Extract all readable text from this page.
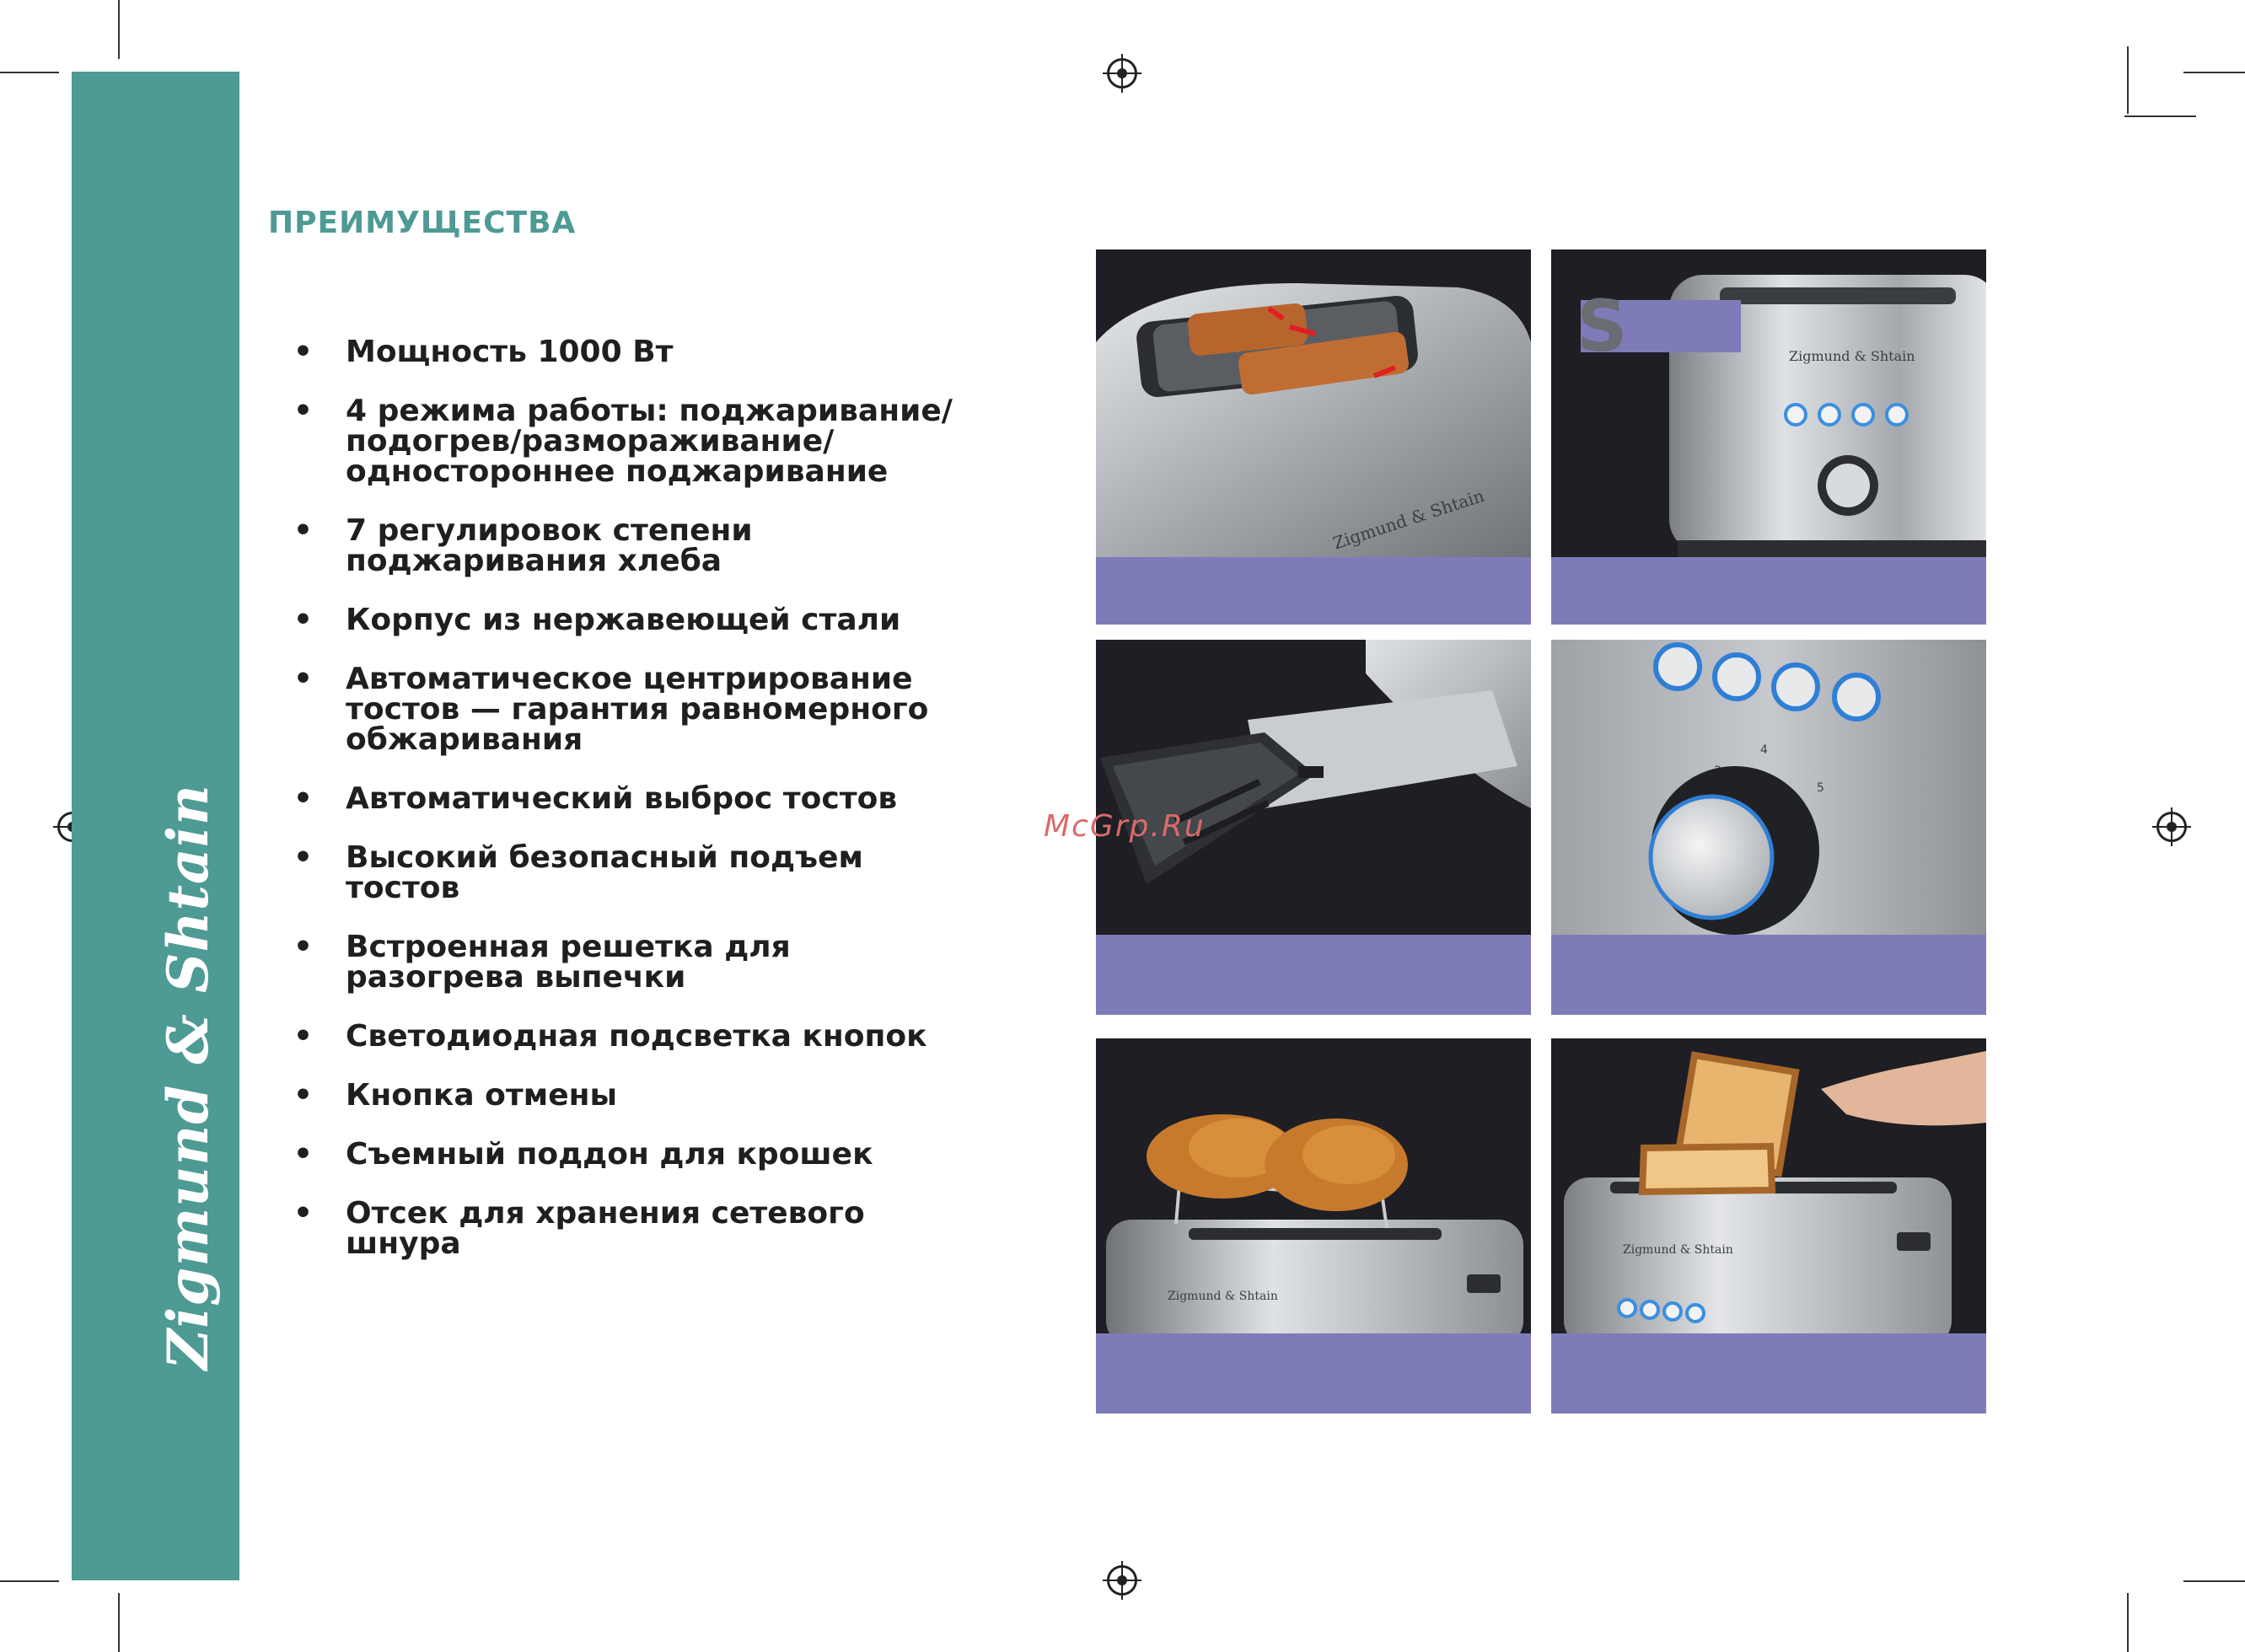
Zigmund & Shtain
ПРЕИМУЩЕСТВА
• Мощность 1000 Вт
• 4 режима работы: поджаривание/ подогрев/размораживание/ одностороннее поджаривание
• 7 регулировок степени поджаривания хлеба
• Корпус из нержавеющей стали
• Автоматическое центрирование тостов — гарантия равномерного обжаривания
• Автоматический выброс тостов
• Высокий безопасный подъем тостов
• Встроенная решетка для разогрева выпечки
• Светодиодная подсветка кнопок
• Кнопка отмены
• Съемный поддон для крошек
• Отсек для хранения сетевого шнура
Zigmund & Shtain
S	Zigmund & Shtain
4
5
Zigmund & Shtain
Zigmund & Shtain
McGrp.Ru
